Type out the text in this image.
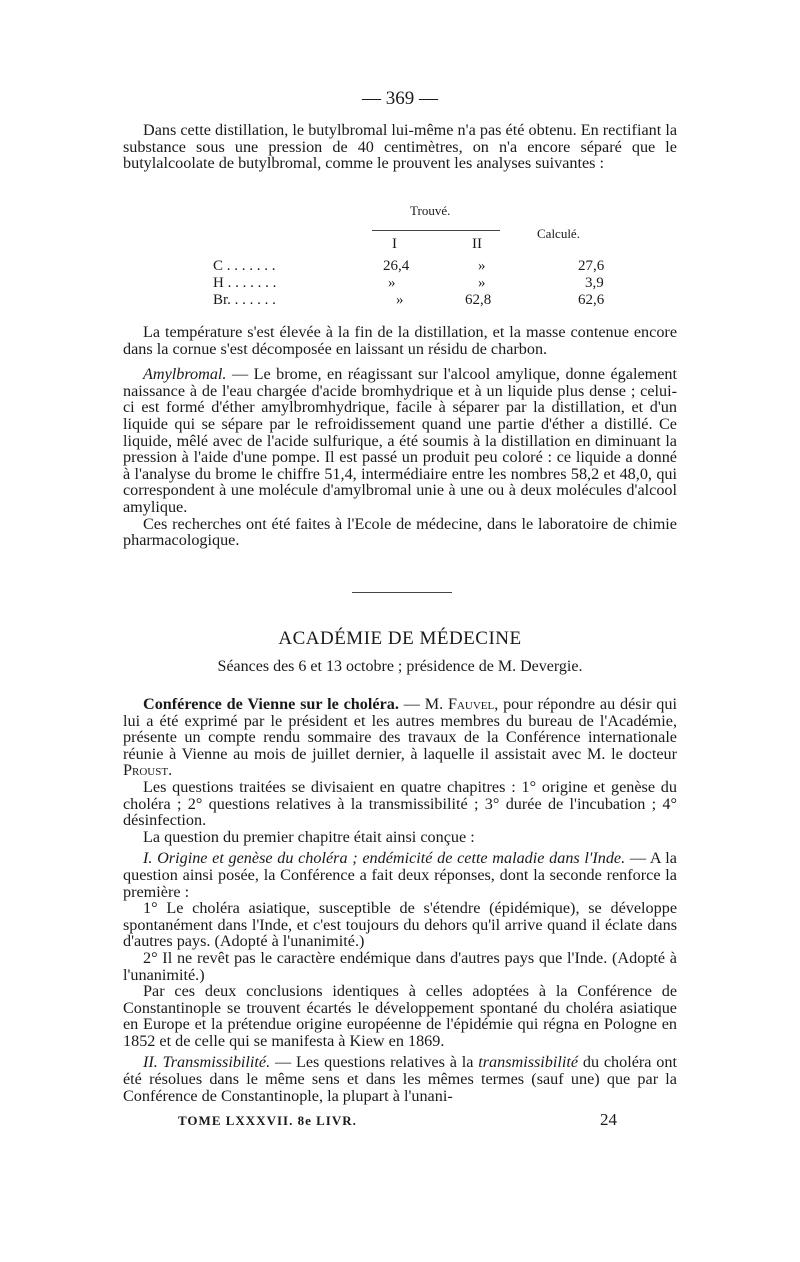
— 369 —

Dans cette distillation, le butylbromal lui-même n'a pas été obtenu. En rectifiant la substance sous une pression de 40 centimètres, on n'a encore séparé que le butylalcoolate de butylbromal, comme le prouvent les analyses suivantes :

Trouvé.
Calculé.
I	II
C . . . . . . .	26,4	»	27,6
H . . . . . . .	»	»	3,9
Br. . . . . . .	»	62,8	62,6

La température s'est élevée à la fin de la distillation, et la masse contenue encore dans la cornue s'est décomposée en laissant un résidu de charbon.

Amylbromal. — Le brome, en réagissant sur l'alcool amylique, donne également naissance à de l'eau chargée d'acide bromhydrique et à un liquide plus dense ; celui-ci est formé d'éther amylbromhydrique, facile à séparer par la distillation, et d'un liquide qui se sépare par le refroidissement quand une partie d'éther a distillé. Ce liquide, mêlé avec de l'acide sulfurique, a été soumis à la distillation en diminuant la pression à l'aide d'une pompe. Il est passé un produit peu coloré : ce liquide a donné à l'analyse du brome le chiffre 51,4, intermédiaire entre les nombres 58,2 et 48,0, qui correspondent à une molécule d'amylbromal unie à une ou à deux molécules d'alcool amylique.

Ces recherches ont été faites à l'Ecole de médecine, dans le laboratoire de chimie pharmacologique.

ACADÉMIE DE MÉDECINE
Séances des 6 et 13 octobre ; présidence de M. Devergie.

Conférence de Vienne sur le choléra. — M. Fauvel, pour répondre au désir qui lui a été exprimé par le président et les autres membres du bureau de l'Académie, présente un compte rendu sommaire des travaux de la Conférence internationale réunie à Vienne au mois de juillet dernier, à laquelle il assistait avec M. le docteur Proust.

Les questions traitées se divisaient en quatre chapitres : 1° origine et genèse du choléra ; 2° questions relatives à la transmissibilité ; 3° durée de l'incubation ; 4° désinfection.

La question du premier chapitre était ainsi conçue :

I. Origine et genèse du choléra ; endémicité de cette maladie dans l'Inde. — A la question ainsi posée, la Conférence a fait deux réponses, dont la seconde renforce la première :

1° Le choléra asiatique, susceptible de s'étendre (épidémique), se développe spontanément dans l'Inde, et c'est toujours du dehors qu'il arrive quand il éclate dans d'autres pays. (Adopté à l'unanimité.)

2° Il ne revêt pas le caractère endémique dans d'autres pays que l'Inde. (Adopté à l'unanimité.)

Par ces deux conclusions identiques à celles adoptées à la Conférence de Constantinople se trouvent écartés le développement spontané du choléra asiatique en Europe et la prétendue origine européenne de l'épidémie qui régna en Pologne en 1852 et de celle qui se manifesta à Kiew en 1869.

II. Transmissibilité. — Les questions relatives à la transmissibilité du choléra ont été résolues dans le même sens et dans les mêmes termes (sauf une) que par la Conférence de Constantinople, la plupart à l'unani-

TOME LXXXVII. 8e LIVR.	24
